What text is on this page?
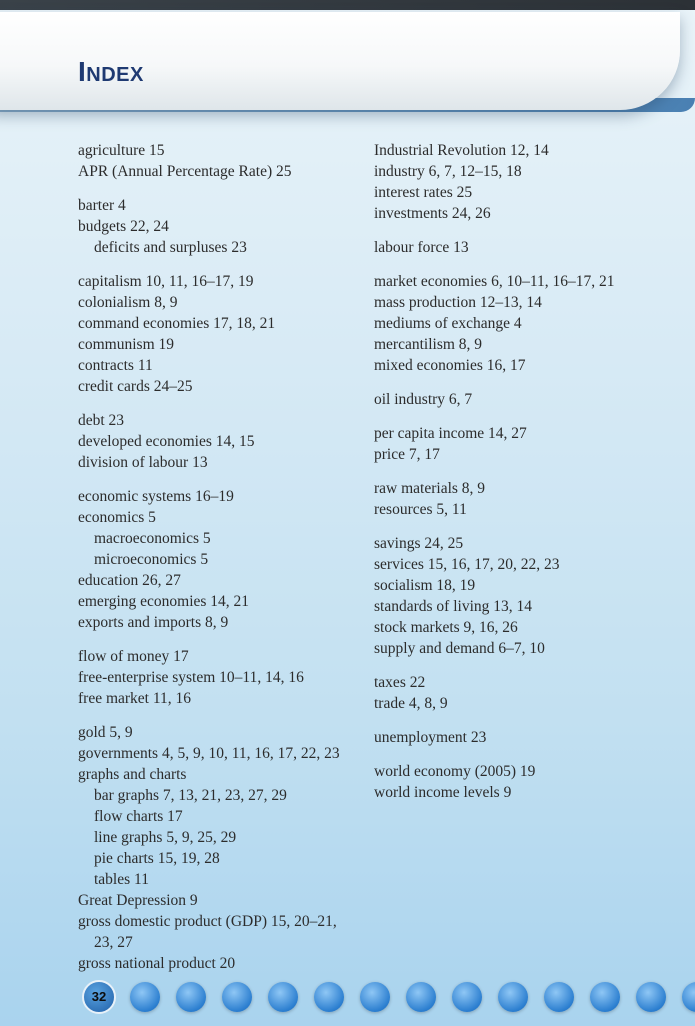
Index
agriculture 15
APR (Annual Percentage Rate) 25
barter 4
budgets 22, 24
deficits and surpluses 23
capitalism 10, 11, 16–17, 19
colonialism 8, 9
command economies 17, 18, 21
communism 19
contracts 11
credit cards 24–25
debt 23
developed economies 14, 15
division of labour 13
economic systems 16–19
economics 5
macroeconomics 5
microeconomics 5
education 26, 27
emerging economies 14, 21
exports and imports 8, 9
flow of money 17
free-enterprise system 10–11, 14, 16
free market 11, 16
gold 5, 9
governments 4, 5, 9, 10, 11, 16, 17, 22, 23
graphs and charts
bar graphs 7, 13, 21, 23, 27, 29
flow charts 17
line graphs 5, 9, 25, 29
pie charts 15, 19, 28
tables 11
Great Depression 9
gross domestic product (GDP) 15, 20–21,
23, 27
gross national product 20
Industrial Revolution 12, 14
industry 6, 7, 12–15, 18
interest rates 25
investments 24, 26
labour force 13
market economies 6, 10–11, 16–17, 21
mass production 12–13, 14
mediums of exchange 4
mercantilism 8, 9
mixed economies 16, 17
oil industry 6, 7
per capita income 14, 27
price 7, 17
raw materials 8, 9
resources 5, 11
savings 24, 25
services 15, 16, 17, 20, 22, 23
socialism 18, 19
standards of living 13, 14
stock markets 9, 16, 26
supply and demand 6–7, 10
taxes 22
trade 4, 8, 9
unemployment 23
world economy (2005) 19
world income levels 9
32
